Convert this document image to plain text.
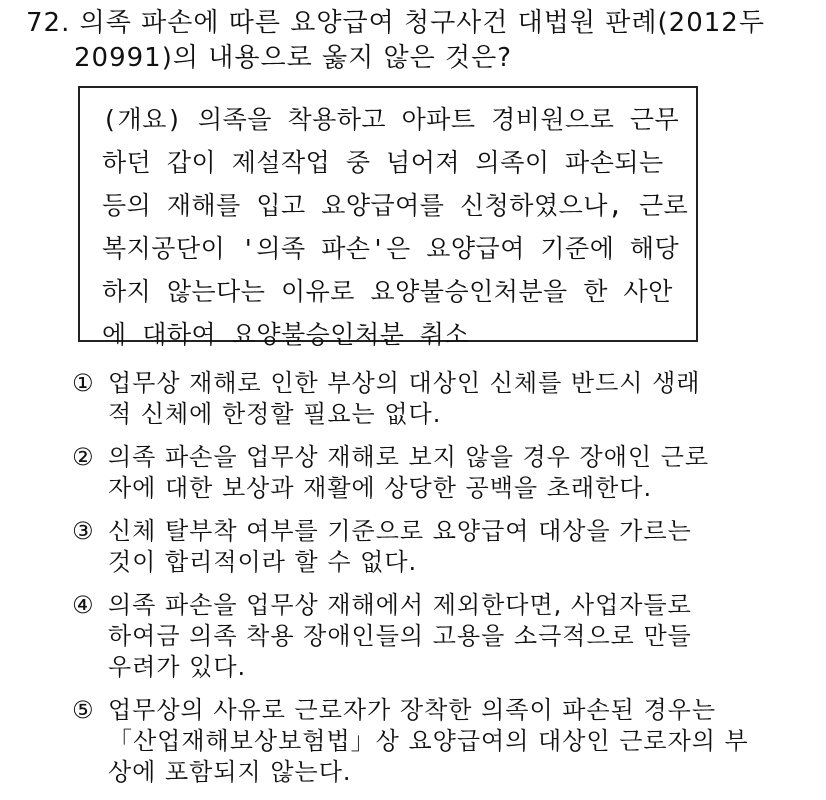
72. 의족 파손에 따른 요양급여 청구사건 대법원 판례(2012두
20991)의 내용으로 옳지 않은 것은?
(개요) 의족을 착용하고 아파트 경비원으로 근무
하던 갑이 제설작업 중 넘어져 의족이 파손되는
등의 재해를 입고 요양급여를 신청하였으나, 근로
복지공단이 '의족 파손'은 요양급여 기준에 해당
하지 않는다는 이유로 요양불승인처분을 한 사안
에 대하여 요양불승인처분 취소
① 업무상 재해로 인한 부상의 대상인 신체를 반드시 생래
적 신체에 한정할 필요는 없다.
② 의족 파손을 업무상 재해로 보지 않을 경우 장애인 근로
자에 대한 보상과 재활에 상당한 공백을 초래한다.
③ 신체 탈부착 여부를 기준으로 요양급여 대상을 가르는
것이 합리적이라 할 수 없다.
④ 의족 파손을 업무상 재해에서 제외한다면, 사업자들로
하여금 의족 착용 장애인들의 고용을 소극적으로 만들
우려가 있다.
⑤ 업무상의 사유로 근로자가 장착한 의족이 파손된 경우는
「산업재해보상보험법」상 요양급여의 대상인 근로자의 부
상에 포함되지 않는다.
